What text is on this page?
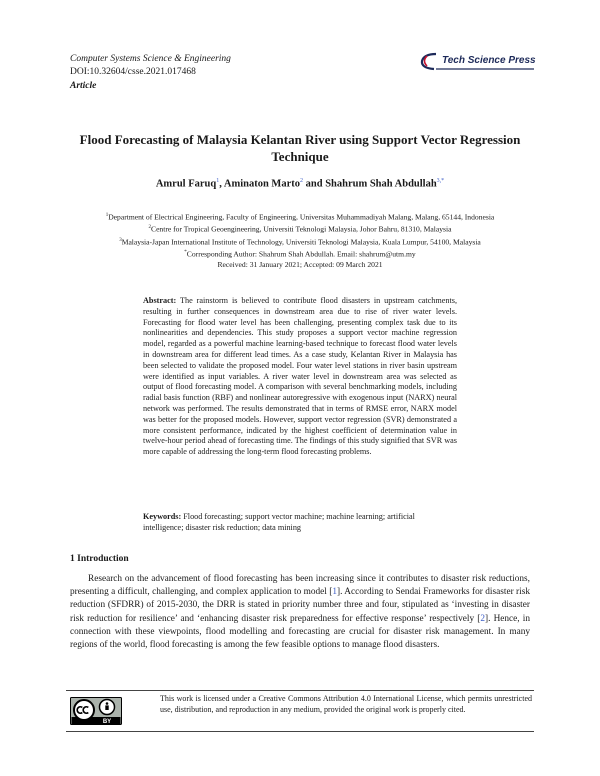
Computer Systems Science & Engineering
DOI:10.32604/csse.2021.017468
Article
Tech Science Press
Flood Forecasting of Malaysia Kelantan River using Support Vector Regression Technique
Amrul Faruq$^1$, Aminaton Marto$^2$ and Shahrum Shah Abdullah$^{3,*}$
$^1$Department of Electrical Engineering, Faculty of Engineering, Universitas Muhammadiyah Malang, Malang, 65144, Indonesia
$^2$Centre for Tropical Geoengineering, Universiti Teknologi Malaysia, Johor Bahru, 81310, Malaysia
$^3$Malaysia-Japan International Institute of Technology, Universiti Teknologi Malaysia, Kuala Lumpur, 54100, Malaysia
*Corresponding Author: Shahrum Shah Abdullah. Email: shahrum@utm.my
Received: 31 January 2021; Accepted: 09 March 2021
Abstract: The rainstorm is believed to contribute flood disasters in upstream catchments, resulting in further consequences in downstream area due to rise of river water levels. Forecasting for flood water level has been challenging, presenting complex task due to its nonlinearities and dependencies. This study proposes a support vector machine regression model, regarded as a powerful machine learning-based technique to forecast flood water levels in downstream area for different lead times. As a case study, Kelantan River in Malaysia has been selected to validate the proposed model. Four water level stations in river basin upstream were identified as input variables. A river water level in downstream area was selected as output of flood forecasting model. A comparison with several benchmarking models, including radial basis function (RBF) and nonlinear autoregressive with exogenous input (NARX) neural network was performed. The results demonstrated that in terms of RMSE error, NARX model was better for the proposed models. However, support vector regression (SVR) demonstrated a more consistent performance, indicated by the highest coefficient of determination value in twelve-hour period ahead of forecasting time. The findings of this study signified that SVR was more capable of addressing the long-term flood forecasting problems.
Keywords: Flood forecasting; support vector machine; machine learning; artificial intelligence; disaster risk reduction; data mining
1 Introduction
Research on the advancement of flood forecasting has been increasing since it contributes to disaster risk reductions, presenting a difficult, challenging, and complex application to model [1]. According to Sendai Frameworks for disaster risk reduction (SFDRR) of 2015-2030, the DRR is stated in priority number three and four, stipulated as ‘investing in disaster risk reduction for resilience’ and ‘enhancing disaster risk preparedness for effective response’ respectively [2]. Hence, in connection with these viewpoints, flood modelling and forecasting are crucial for disaster risk management. In many regions of the world, flood forecasting is among the few feasible options to manage flood disasters.
BY
This work is licensed under a Creative Commons Attribution 4.0 International License, which permits unrestricted use, distribution, and reproduction in any medium, provided the original work is properly cited.
